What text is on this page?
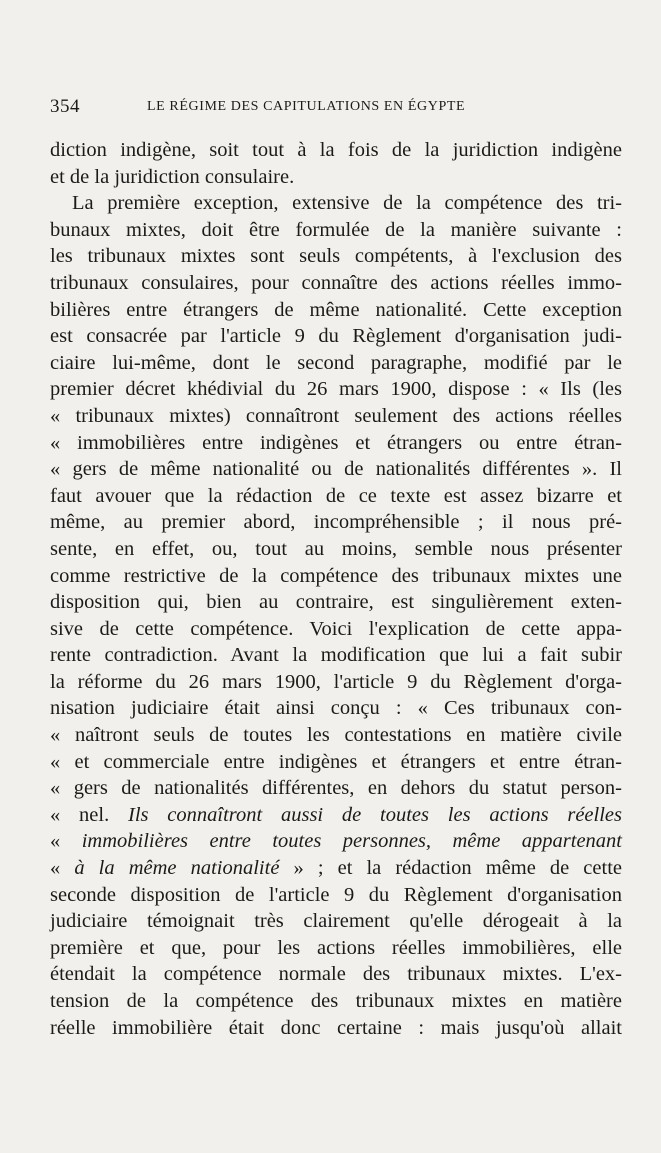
354	LE RÉGIME DES CAPITULATIONS EN ÉGYPTE
diction indigène, soit tout à la fois de la juridiction indigène
et de la juridiction consulaire.
La première exception, extensive de la compétence des tri-
bunaux mixtes, doit être formulée de la manière suivante :
les tribunaux mixtes sont seuls compétents, à l'exclusion des
tribunaux consulaires, pour connaître des actions réelles immo-
bilières entre étrangers de même nationalité. Cette exception
est consacrée par l'article 9 du Règlement d'organisation judi-
ciaire lui-même, dont le second paragraphe, modifié par le
premier décret khédivial du 26 mars 1900, dispose : « Ils (les
« tribunaux mixtes) connaîtront seulement des actions réelles
« immobilières entre indigènes et étrangers ou entre étran-
« gers de même nationalité ou de nationalités différentes ». Il
faut avouer que la rédaction de ce texte est assez bizarre et
même, au premier abord, incompréhensible ; il nous pré-
sente, en effet, ou, tout au moins, semble nous présenter
comme restrictive de la compétence des tribunaux mixtes une
disposition qui, bien au contraire, est singulièrement exten-
sive de cette compétence. Voici l'explication de cette appa-
rente contradiction. Avant la modification que lui a fait subir
la réforme du 26 mars 1900, l'article 9 du Règlement d'orga-
nisation judiciaire était ainsi conçu : « Ces tribunaux con-
« naîtront seuls de toutes les contestations en matière civile
« et commerciale entre indigènes et étrangers et entre étran-
« gers de nationalités différentes, en dehors du statut person-
« nel. Ils connaîtront aussi de toutes les actions réelles
« immobilières entre toutes personnes, même appartenant
« à la même nationalité » ; et la rédaction même de cette
seconde disposition de l'article 9 du Règlement d'organisation
judiciaire témoignait très clairement qu'elle dérogeait à la
première et que, pour les actions réelles immobilières, elle
étendait la compétence normale des tribunaux mixtes. L'ex-
tension de la compétence des tribunaux mixtes en matière
réelle immobilière était donc certaine : mais jusqu'où allait
